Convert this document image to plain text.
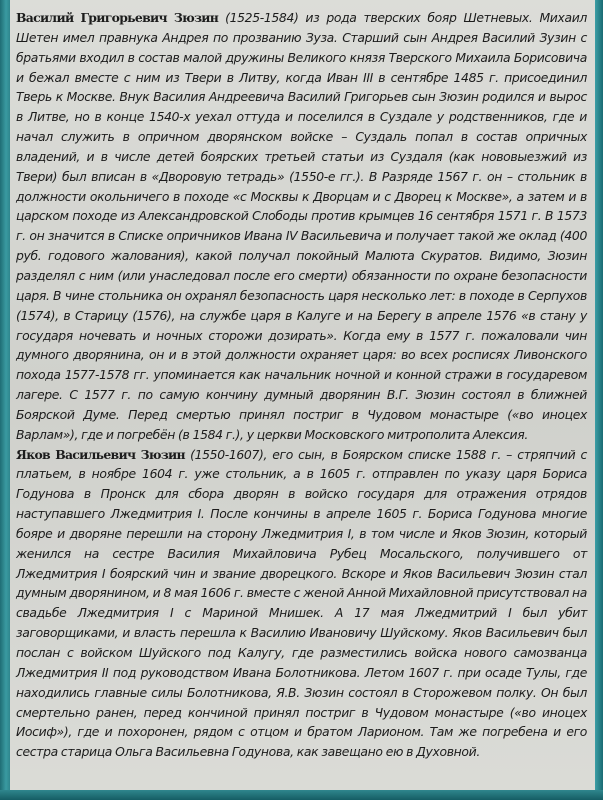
Василий Григорьевич Зюзин (1525-1584) из рода тверских бояр Шетневых. Михаил Шетен имел правнука Андрея по прозванию Зуза. Старший сын Андрея Василий Зузин с братьями входил в состав малой дружины Великого князя Тверского Михаила Борисовича и бежал вместе с ним из Твери в Литву, когда Иван III в сентябре 1485 г. присоединил Тверь к Москве. Внук Василия Андреевича Василий Григорьев сын Зюзин родился и вырос в Литве, но в конце 1540-х уехал оттуда и поселился в Суздале у родственников, где и начал служить в опричном дворянском войске – Суздаль попал в состав опричных владений, и в числе детей боярских третьей статьи из Суздаля (как нововыезжий из Твери) был вписан в «Дворовую тетрадь» (1550-е гг.). В Разряде 1567 г. он – стольник в должности окольничего в походе «с Москвы к Дворцам и с Дворец к Москве», а затем и в царском походе из Александровской Слободы против крымцев 16 сентября 1571 г. В 1573 г. он значится в Списке опричников Ивана IV Васильевича и получает такой же оклад (400 руб. годового жалования), какой получал покойный Малюта Скуратов. Видимо, Зюзин разделял с ним (или унаследовал после его смерти) обязанности по охране безопасности царя. В чине стольника он охранял безопасность царя несколько лет: в походе в Серпухов (1574), в Старицу (1576), на службе царя в Калуге и на Берегу в апреле 1576 «в стану у государя ночевать и ночных сторожи дозирать». Когда ему в 1577 г. пожаловали чин думного дворянина, он и в этой должности охраняет царя: во всех росписях Ливонского похода 1577-1578 гг. упоминается как начальник ночной и конной стражи в государевом лагере. С 1577 г. по самую кончину думный дворянин В.Г. Зюзин состоял в ближней Боярской Думе. Перед смертью принял постриг в Чудовом монастыре («во иноцех Варлам»), где и погребён (в 1584 г.), у церкви Московского митрополита Алексия.

Яков Васильевич Зюзин (1550-1607), его сын, в Боярском списке 1588 г. – стряпчий с платьем, в ноябре 1604 г. уже стольник, а в 1605 г. отправлен по указу царя Бориса Годунова в Пронск для сбора дворян в войско государя для отражения отрядов наступавшего Лжедмитрия I. После кончины в апреле 1605 г. Бориса Годунова многие бояре и дворяне перешли на сторону Лжедмитрия I, в том числе и Яков Зюзин, который женился на сестре Василия Михайловича Рубец Мосальского, получившего от Лжедмитрия I боярский чин и звание дворецкого. Вскоре и Яков Васильевич Зюзин стал думным дворянином, и 8 мая 1606 г. вместе с женой Анной Михайловной присутствовал на свадьбе Лжедмитрия I с Мариной Мнишек. А 17 мая Лжедмитрий I был убит заговорщиками, и власть перешла к Василию Ивановичу Шуйскому. Яков Васильевич был послан с войском Шуйского под Калугу, где разместились войска нового самозванца Лжедмитрия II под руководством Ивана Болотникова. Летом 1607 г. при осаде Тулы, где находились главные силы Болотникова, Я.В. Зюзин состоял в Сторожевом полку. Он был смертельно ранен, перед кончиной принял постриг в Чудовом монастыре («во иноцех Иосиф»), где и похоронен, рядом с отцом и братом Ларионом. Там же погребена и его сестра старица Ольга Васильевна Годунова, как завещано ею в Духовной.
